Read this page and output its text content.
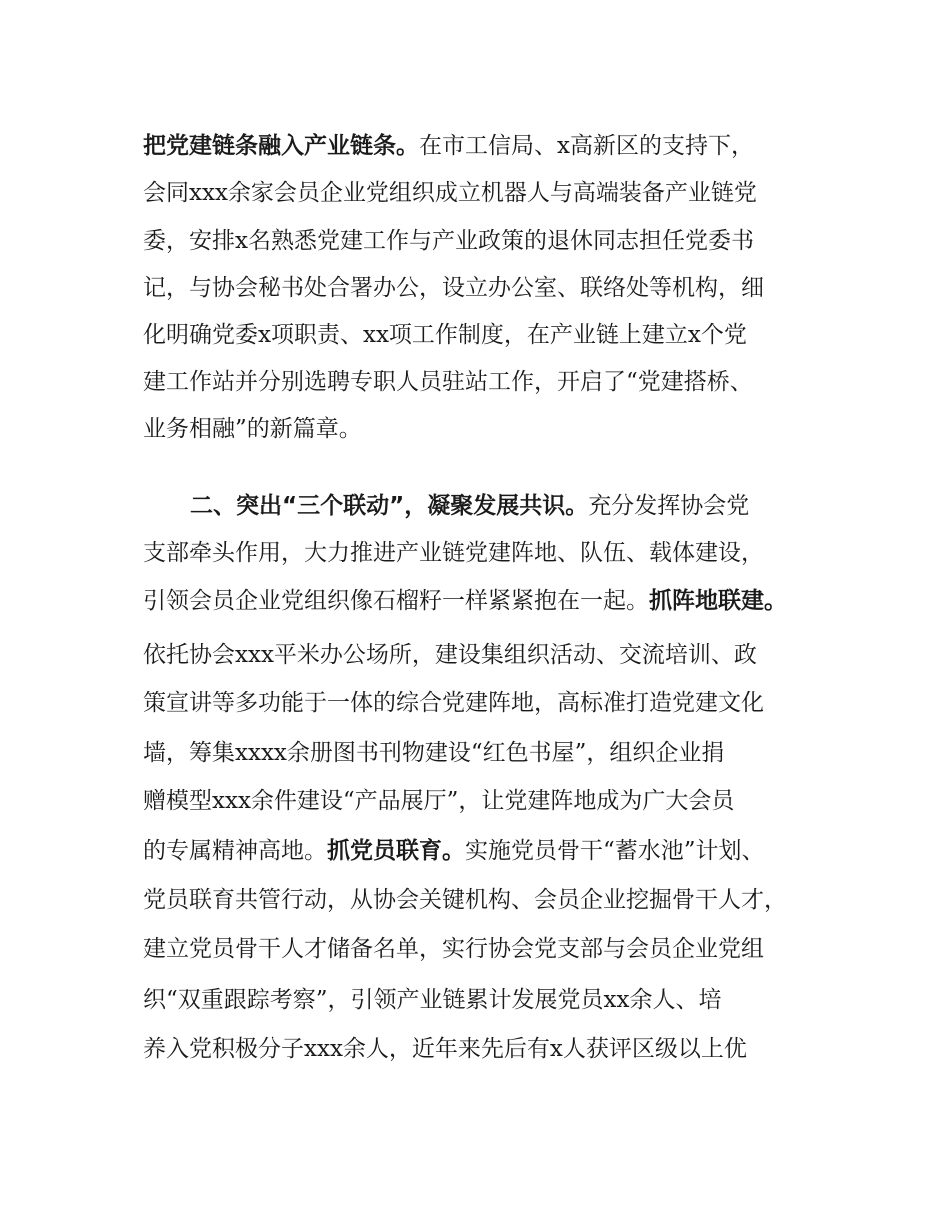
把党建链条融入产业链条。在市工信局、x高新区的支持下，
会同xxx余家会员企业党组织成立机器人与高端装备产业链党
委，安排x名熟悉党建工作与产业政策的退休同志担任党委书
记，与协会秘书处合署办公，设立办公室、联络处等机构，细
化明确党委x项职责、xx项工作制度，在产业链上建立x个党
建工作站并分别选聘专职人员驻站工作，开启了“党建搭桥、
业务相融”的新篇章。
二、突出“三个联动”，凝聚发展共识。充分发挥协会党
支部牵头作用，大力推进产业链党建阵地、队伍、载体建设，
引领会员企业党组织像石榴籽一样紧紧抱在一起。抓阵地联建。
依托协会xxx平米办公场所，建设集组织活动、交流培训、政
策宣讲等多功能于一体的综合党建阵地，高标准打造党建文化
墙，筹集xxxx余册图书刊物建设“红色书屋”，组织企业捐
赠模型xxx余件建设“产品展厅”，让党建阵地成为广大会员
的专属精神高地。抓党员联育。实施党员骨干“蓄水池”计划、
党员联育共管行动，从协会关键机构、会员企业挖掘骨干人才，
建立党员骨干人才储备名单，实行协会党支部与会员企业党组
织“双重跟踪考察”，引领产业链累计发展党员xx余人、培
养入党积极分子xxx余人，近年来先后有x人获评区级以上优
